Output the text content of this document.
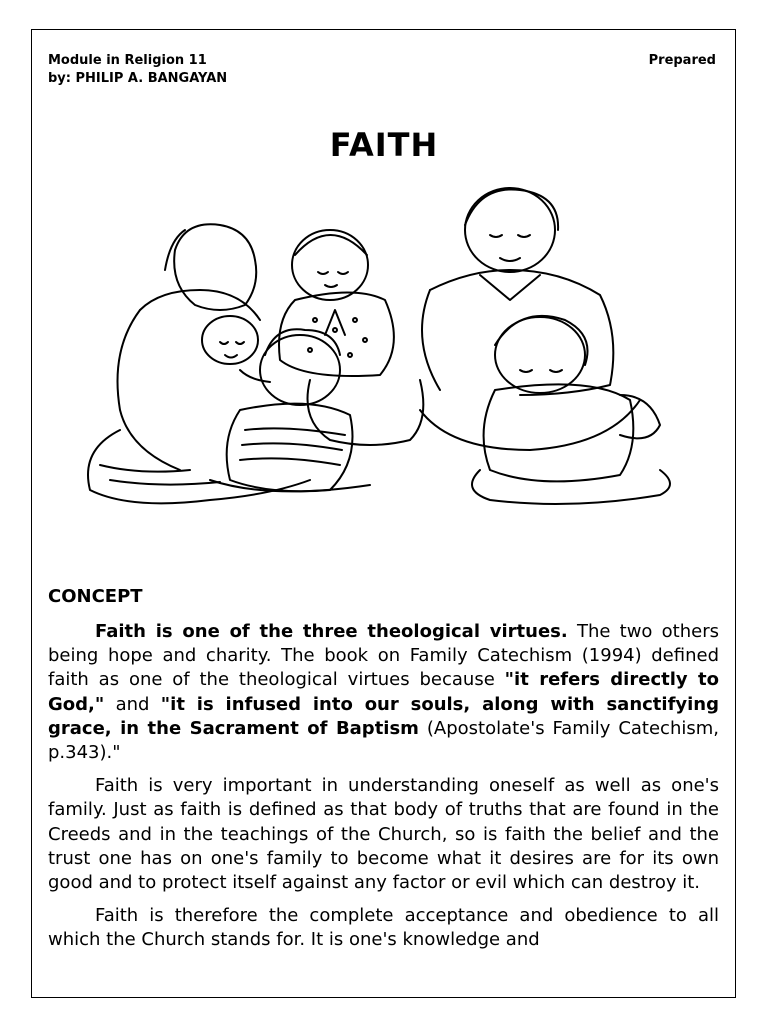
Module in Religion 11	Prepared
by: PHILIP A. BANGAYAN
FAITH
CONCEPT

Faith is one of the three theological virtues. The two others being hope and charity. The book on Family Catechism (1994) defined faith as one of the theological virtues because "it refers directly to God," and "it is infused into our souls, along with sanctifying grace, in the Sacrament of Baptism (Apostolate's Family Catechism, p.343)."

Faith is very important in understanding oneself as well as one's family. Just as faith is defined as that body of truths that are found in the Creeds and in the teachings of the Church, so is faith the belief and the trust one has on one's family to become what it desires are for its own good and to protect itself against any factor or evil which can destroy it.

Faith is therefore the complete acceptance and obedience to all which the Church stands for. It is one's knowledge and
